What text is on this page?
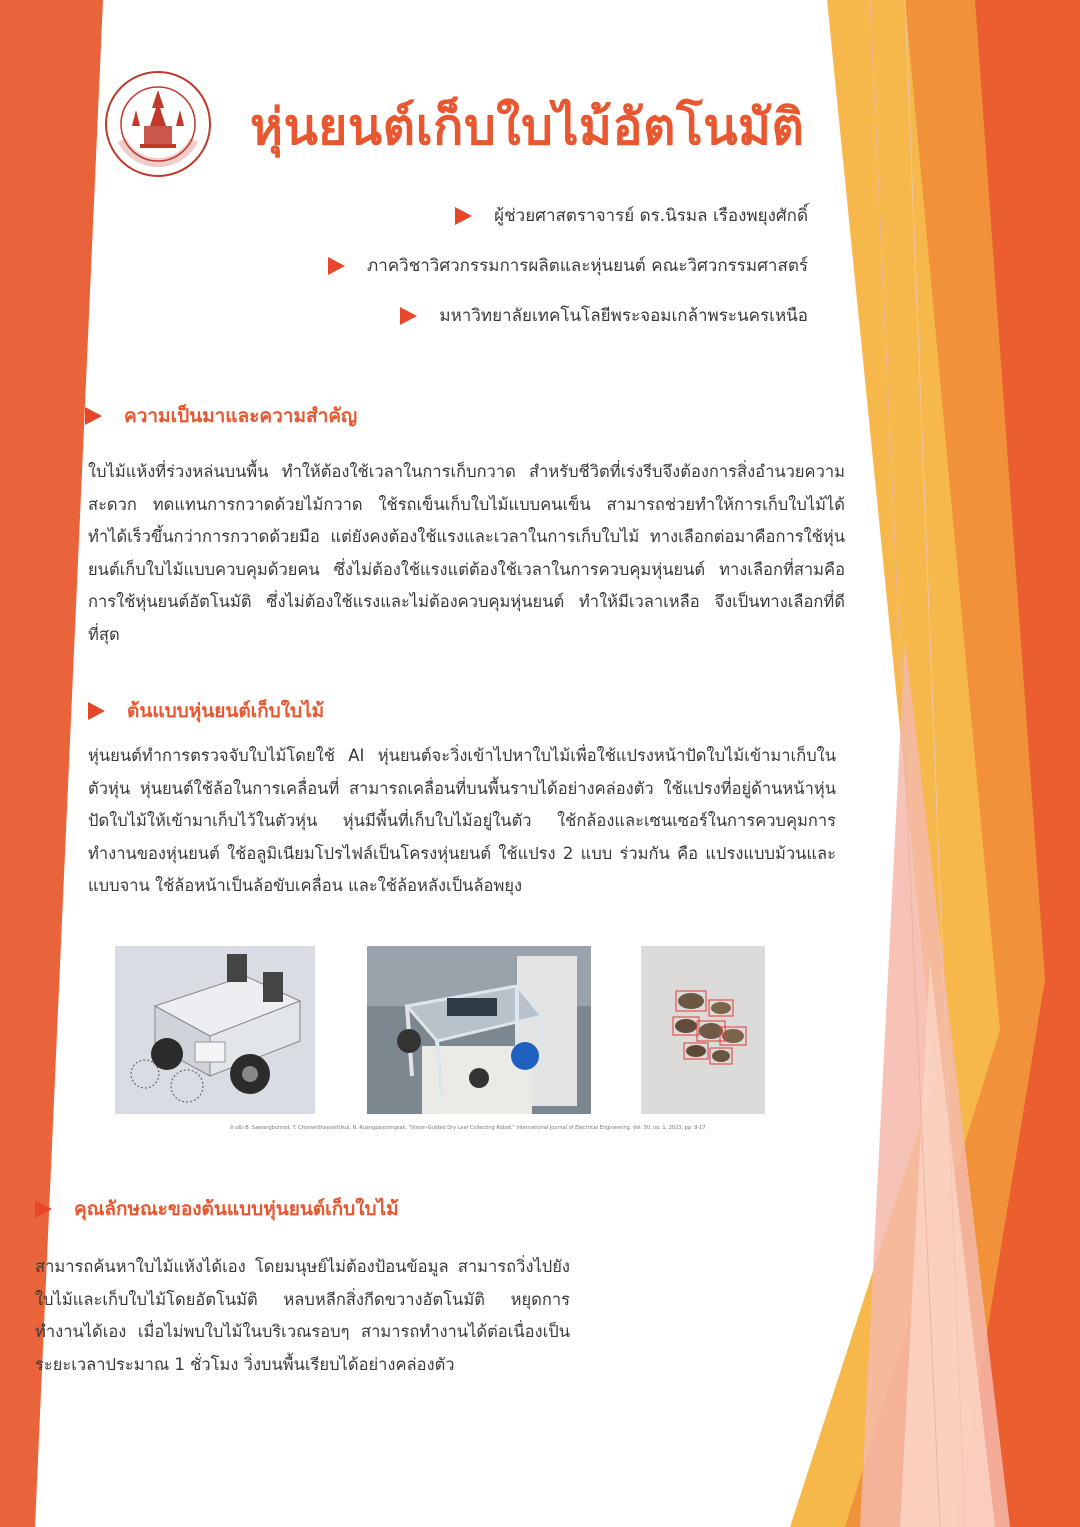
หุ่นยนต์เก็บใบไม้อัตโนมัติ
ผู้ช่วยศาสตราจารย์ ดร.นิรมล เรืองพยุงศักดิ์
ภาควิชาวิศวกรรมการผลิตและหุ่นยนต์ คณะวิศวกรรมศาสตร์
มหาวิทยาลัยเทคโนโลยีพระจอมเกล้าพระนครเหนือ
ความเป็นมาและความสำคัญ
ใบไม้แห้งที่ร่วงหล่นบนพื้น ทำให้ต้องใช้เวลาในการเก็บกวาด สำหรับชีวิตที่เร่งรีบจึงต้องการสิ่งอำนวยความสะดวก ทดแทนการกวาดด้วยไม้กวาด ใช้รถเข็นเก็บใบไม้แบบคนเข็น สามารถช่วยทำให้การเก็บใบไม้ได้ทำได้เร็วขึ้นกว่าการกวาดด้วยมือ แต่ยังคงต้องใช้แรงและเวลาในการเก็บใบไม้ ทางเลือกต่อมาคือการใช้หุ่นยนต์เก็บใบไม้แบบควบคุมด้วยคน ซึ่งไม่ต้องใช้แรงแต่ต้องใช้เวลาในการควบคุมหุ่นยนต์ ทางเลือกที่สามคือการใช้หุ่นยนต์อัตโนมัติ ซึ่งไม่ต้องใช้แรงและไม่ต้องควบคุมหุ่นยนต์ ทำให้มีเวลาเหลือ จึงเป็นทางเลือกที่ดีที่สุด
ต้นแบบหุ่นยนต์เก็บใบไม้
หุ่นยนต์ทำการตรวจจับใบไม้โดยใช้ AI หุ่นยนต์จะวิ่งเข้าไปหาใบไม้เพื่อใช้แปรงหน้าปัดใบไม้เข้ามาเก็บในตัวหุ่น หุ่นยนต์ใช้ล้อในการเคลื่อนที่ สามารถเคลื่อนที่บนพื้นราบได้อย่างคล่องตัว ใช้แปรงที่อยู่ด้านหน้าหุ่นปัดใบไม้ให้เข้ามาเก็บไว้ในตัวหุ่น หุ่นมีพื้นที่เก็บใบไม้อยู่ในตัว ใช้กล้องและเซนเซอร์ในการควบคุมการทำงานของหุ่นยนต์ ใช้อลูมิเนียมโปรไฟล์เป็นโครงหุ่นยนต์ ใช้แปรง 2 แบบ ร่วมกัน คือ แปรงแบบม้วนและแบบจาน ใช้ล้อหน้าเป็นล้อขับเคลื่อน และใช้ล้อหลังเป็นล้อพยุง
อ้างอิง B. Sawangbunrod, T. Chonwitthayasittikul, N. Ruangpayoongsak, "Vision-Guided Dry Leaf Collecting Robot," International Journal of Electrical Engineering, Vol. 30, no. 1, 2023, pp. 9-17.
คุณลักษณะของต้นแบบหุ่นยนต์เก็บใบไม้
สามารถค้นหาใบไม้แห้งได้เอง โดยมนุษย์ไม่ต้องป้อนข้อมูล สามารถวิ่งไปยังใบไม้และเก็บใบไม้โดยอัตโนมัติ หลบหลีกสิ่งกีดขวางอัตโนมัติ หยุดการทำงานได้เอง เมื่อไม่พบใบไม้ในบริเวณรอบๆ สามารถทำงานได้ต่อเนื่องเป็นระยะเวลาประมาณ 1 ชั่วโมง วิ่งบนพื้นเรียบได้อย่างคล่องตัว
